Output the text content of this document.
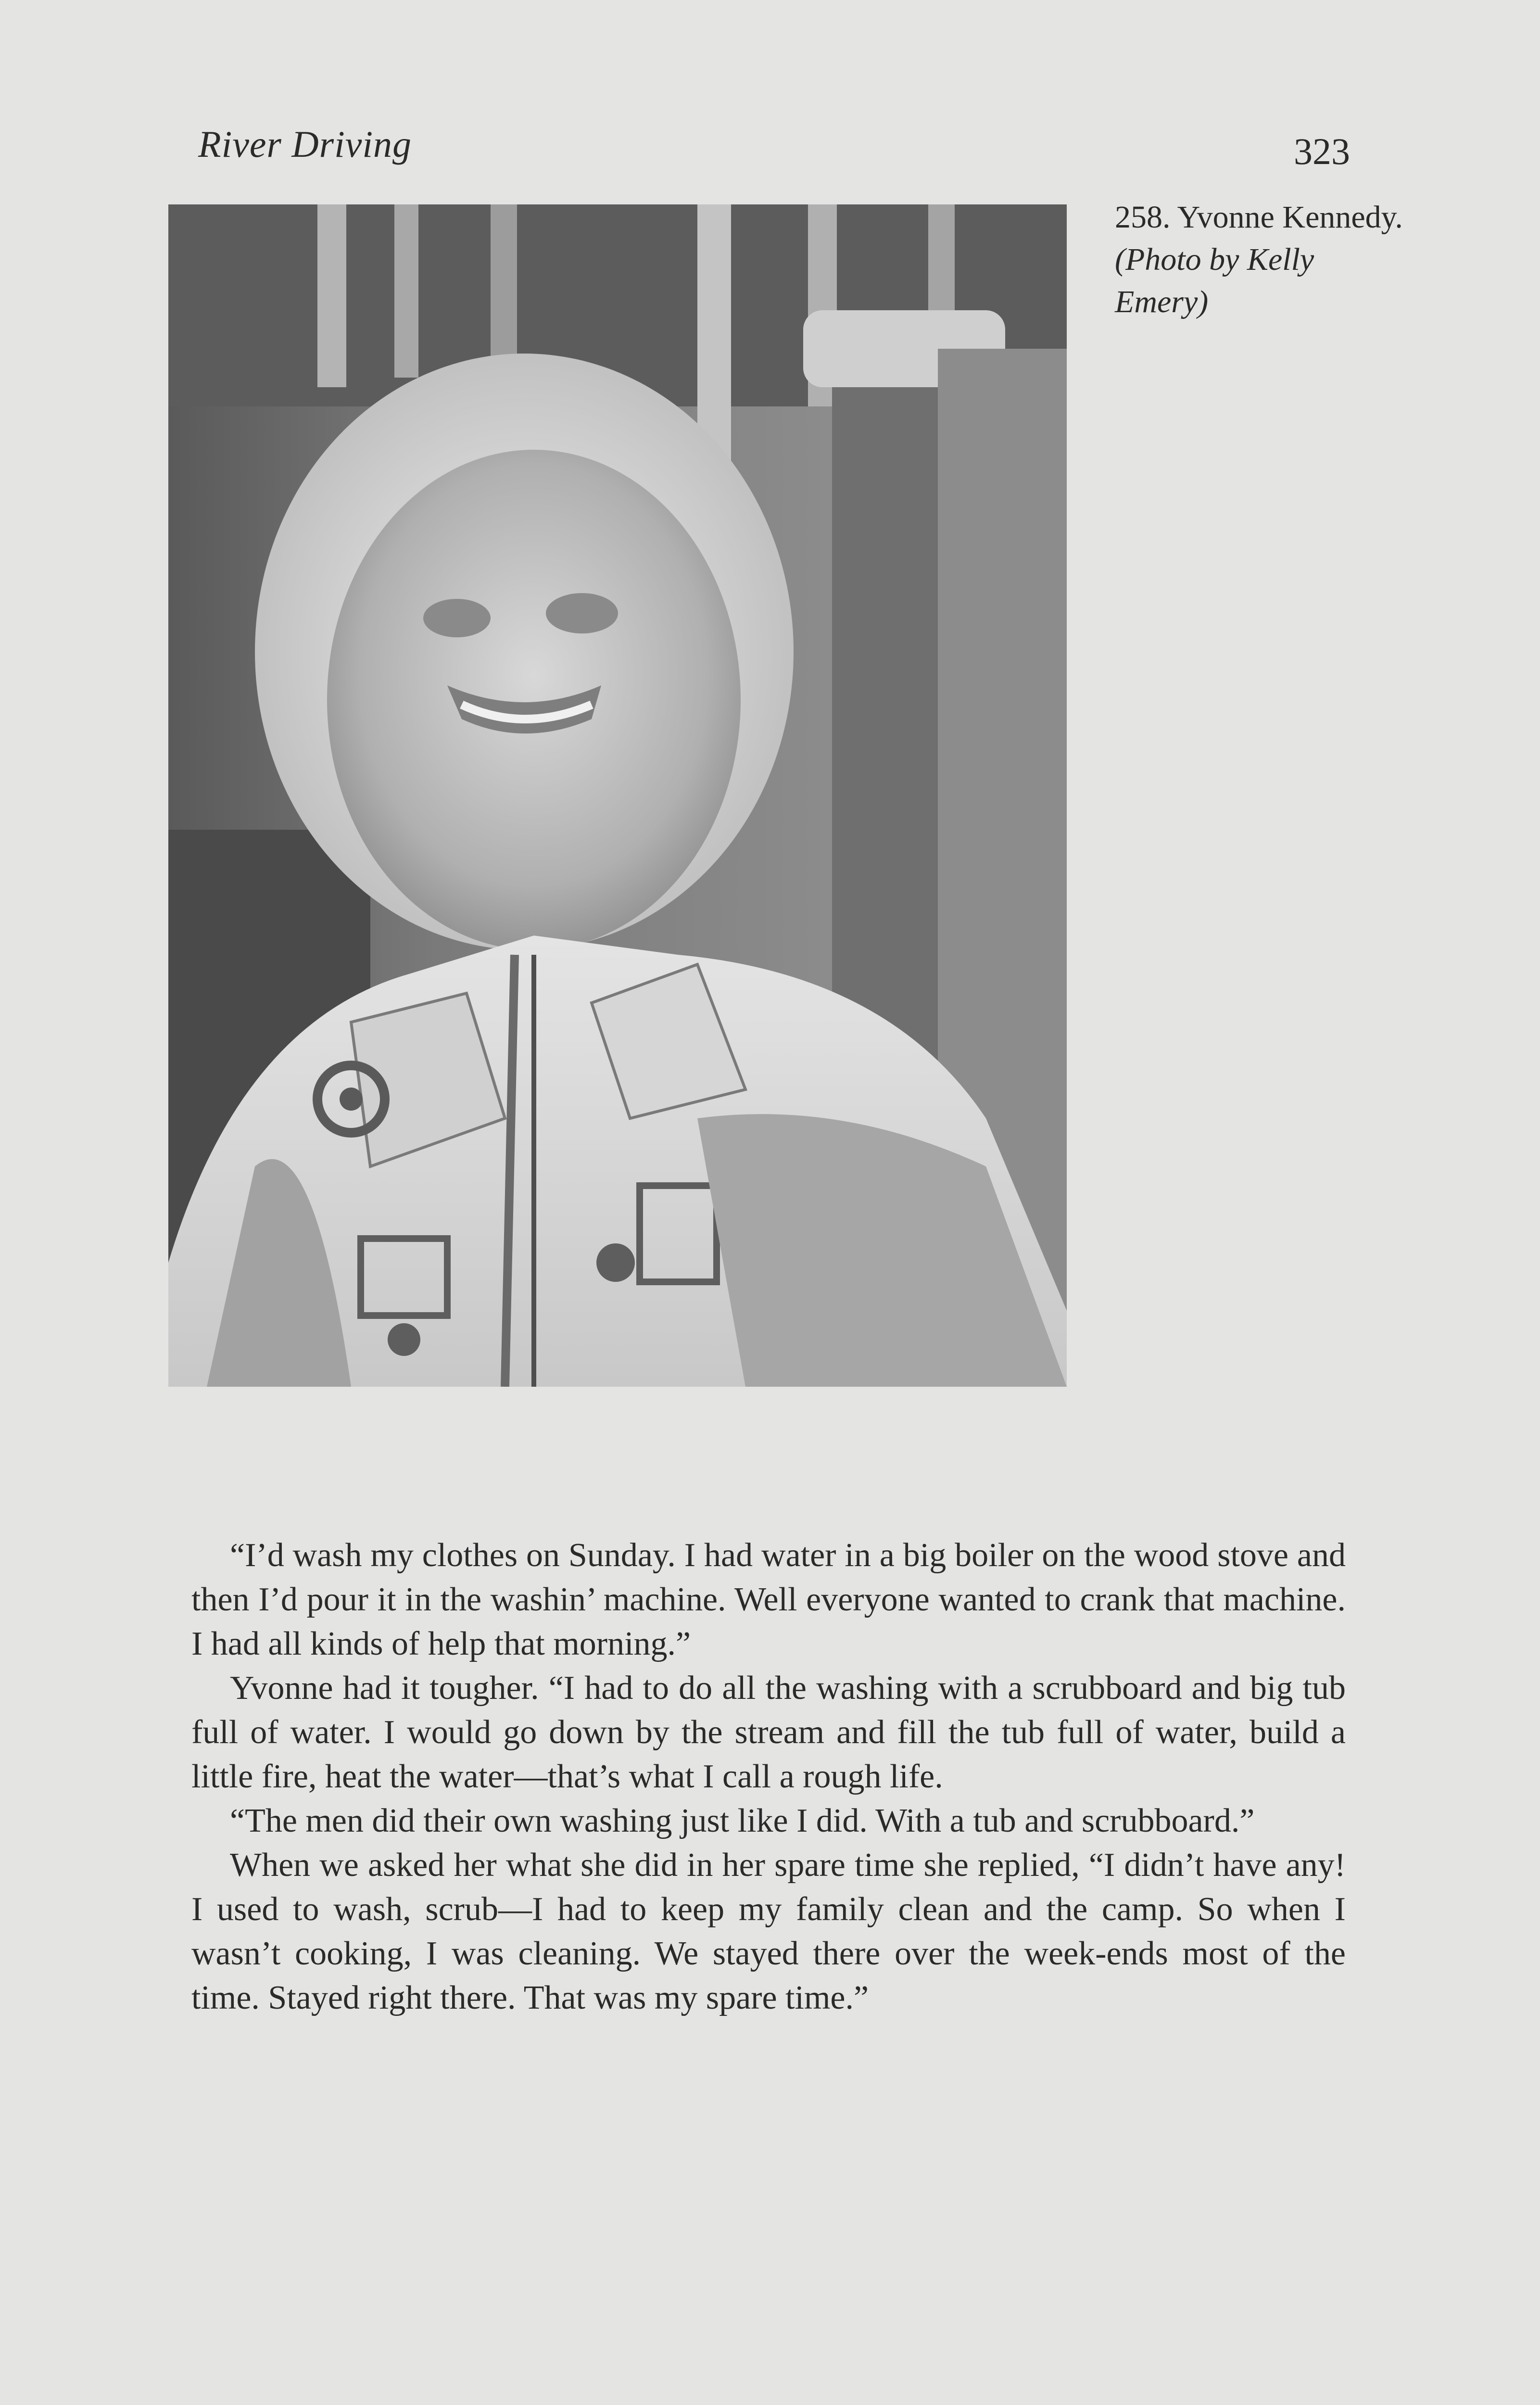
River Driving	323
258. Yvonne Kennedy. (Photo by Kelly Emery)

“I’d wash my clothes on Sunday. I had water in a big boiler on the wood stove and then I’d pour it in the washin’ machine. Well everyone wanted to crank that machine. I had all kinds of help that morning.”

Yvonne had it tougher. “I had to do all the washing with a scrubboard and big tub full of water. I would go down by the stream and fill the tub full of water, build a little fire, heat the water—that’s what I call a rough life.

“The men did their own washing just like I did. With a tub and scrubboard.”

When we asked her what she did in her spare time she replied, “I didn’t have any! I used to wash, scrub—I had to keep my family clean and the camp. So when I wasn’t cooking, I was cleaning. We stayed there over the week-ends most of the time. Stayed right there. That was my spare time.”
